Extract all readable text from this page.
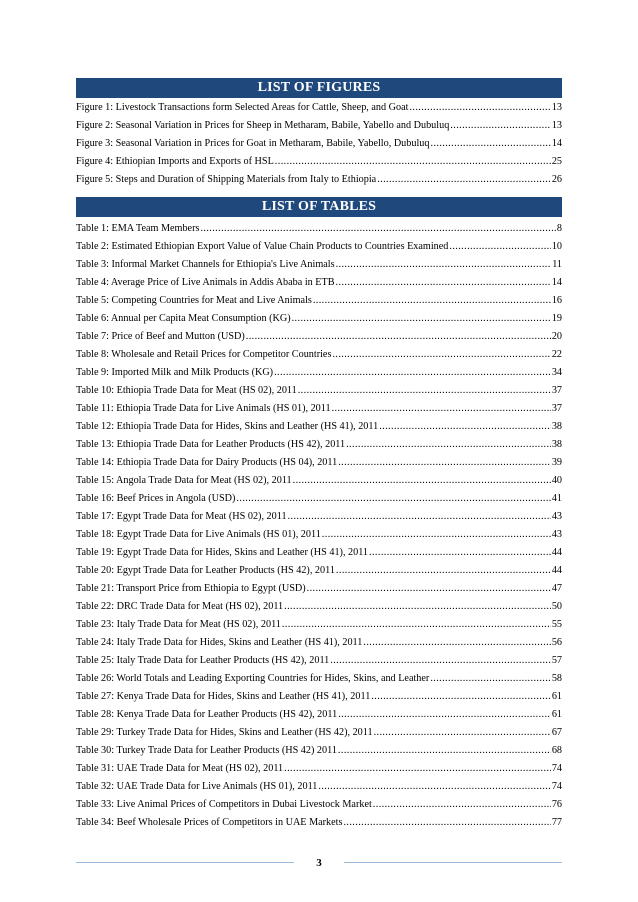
LIST OF FIGURES
Figure 1: Livestock Transactions form Selected Areas for Cattle, Sheep, and Goat .....	13
Figure 2: Seasonal Variation in Prices for Sheep in Metharam, Babile, Yabello and Dubuluq .....	13
Figure 3: Seasonal Variation in Prices for Goat in Metharam, Babile, Yabello, Dubuluq .....	14
Figure 4: Ethiopian Imports and Exports of HSL .....	25
Figure 5: Steps and Duration of Shipping Materials from Italy to Ethiopia .....	26
LIST OF TABLES
Table 1: EMA Team Members .....	8
Table 2: Estimated Ethiopian Export Value of Value Chain Products to Countries Examined .....	10
Table 3: Informal Market Channels for Ethiopia's Live Animals .....	11
Table 4: Average Price of Live Animals in Addis Ababa in ETB .....	14
Table 5: Competing Countries for Meat and Live Animals .....	16
Table 6: Annual per Capita Meat Consumption (KG) .....	19
Table 7: Price of Beef and Mutton (USD) .....	20
Table 8: Wholesale and Retail Prices for Competitor Countries .....	22
Table 9: Imported Milk and Milk Products (KG) .....	34
Table 10: Ethiopia Trade Data for Meat (HS 02), 2011 .....	37
Table 11: Ethiopia Trade Data for Live Animals (HS 01), 2011 .....	37
Table 12: Ethiopia Trade Data for Hides, Skins and Leather (HS 41), 2011 .....	38
Table 13: Ethiopia Trade Data for Leather Products (HS 42), 2011 .....	38
Table 14: Ethiopia Trade Data for Dairy Products (HS 04), 2011 .....	39
Table 15: Angola Trade Data for Meat (HS 02), 2011 .....	40
Table 16: Beef Prices in Angola (USD) .....	41
Table 17: Egypt Trade Data for Meat (HS 02), 2011 .....	43
Table 18: Egypt Trade Data for Live Animals (HS 01), 2011 .....	43
Table 19: Egypt Trade Data for Hides, Skins and Leather (HS 41), 2011 .....	44
Table 20: Egypt Trade Data for Leather Products (HS 42), 2011 .....	44
Table 21: Transport Price from Ethiopia to Egypt (USD) .....	47
Table 22: DRC Trade Data for Meat (HS 02), 2011 .....	50
Table 23: Italy Trade Data for Meat (HS 02), 2011 .....	55
Table 24: Italy Trade Data for Hides, Skins and Leather (HS 41), 2011 .....	56
Table 25: Italy Trade Data for Leather Products (HS 42), 2011 .....	57
Table 26: World Totals and Leading Exporting Countries for Hides, Skins, and Leather .....	58
Table 27: Kenya Trade Data for Hides, Skins and Leather (HS 41), 2011 .....	61
Table 28: Kenya Trade Data for Leather Products (HS 42), 2011 .....	61
Table 29: Turkey Trade Data for Hides, Skins and Leather (HS 42), 2011 .....	67
Table 30: Turkey Trade Data for Leather Products (HS 42) 2011 .....	68
Table 31: UAE Trade Data for Meat (HS 02), 2011 .....	74
Table 32: UAE Trade Data for Live Animals (HS 01), 2011 .....	74
Table 33: Live Animal Prices of Competitors in Dubai Livestock Market .....	76
Table 34: Beef Wholesale Prices of Competitors in UAE Markets .....	77
3
